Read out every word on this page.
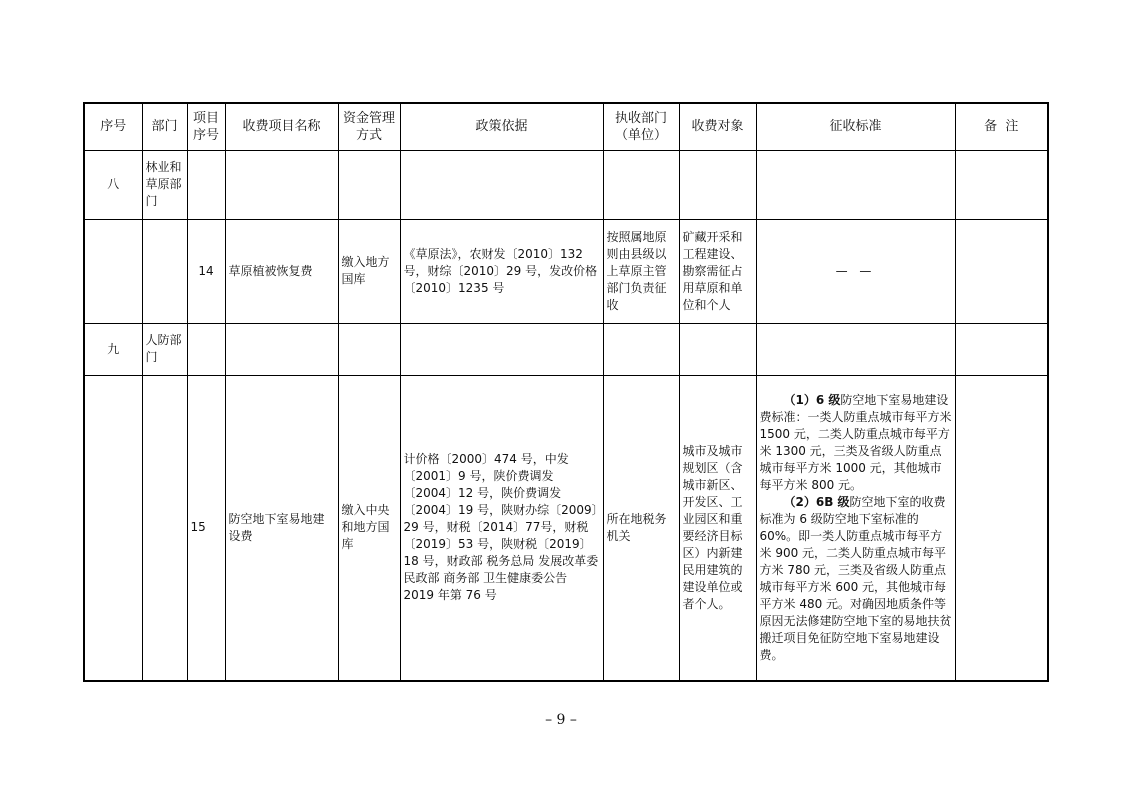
序号	部门	项目序号	收费项目名称	资金管理方式	政策依据	执收部门（单位）	收费对象	征收标准	备  注
八	林业和草原部门								
		14	草原植被恢复费	缴入地方国库	《草原法》，农财发〔2010〕132号，财综〔2010〕29 号，发改价格〔2010〕1235 号	按照属地原则由县级以上草原主管部门负责征收	矿藏开采和工程建设、勘察需征占用草原和单位和个人	— —	
九	人防部门								
		15	防空地下室易地建设费	缴入中央和地方国库	计价格〔2000〕474 号，中发〔2001〕9 号，陕价费调发〔2004〕12 号，陕价费调发〔2004〕19 号，陕财办综〔2009〕29 号，财税〔2014〕77号，财税〔2019〕53 号，陕财税〔2019〕18 号，财政部 税务总局 发展改革委 民政部 商务部 卫生健康委公告 2019 年第 76 号	所在地税务机关	城市及城市规划区（含城市新区、开发区、工业园区和重要经济目标区）内新建民用建筑的建设单位或者个人。	（1）6 级防空地下室易地建设费标准：一类人防重点城市每平方米 1500 元，二类人防重点城市每平方米 1300 元，三类及省级人防重点城市每平方米 1000 元，其他城市每平方米 800 元。

（2）6B 级防空地下室的收费标准为 6 级防空地下室标准的60%。即一类人防重点城市每平方米 900 元，二类人防重点城市每平方米 780 元，三类及省级人防重点城市每平方米 600 元，其他城市每平方米 480 元。对确因地质条件等原因无法修建防空地下室的易地扶贫搬迁项目免征防空地下室易地建设费。	

– 9 –
